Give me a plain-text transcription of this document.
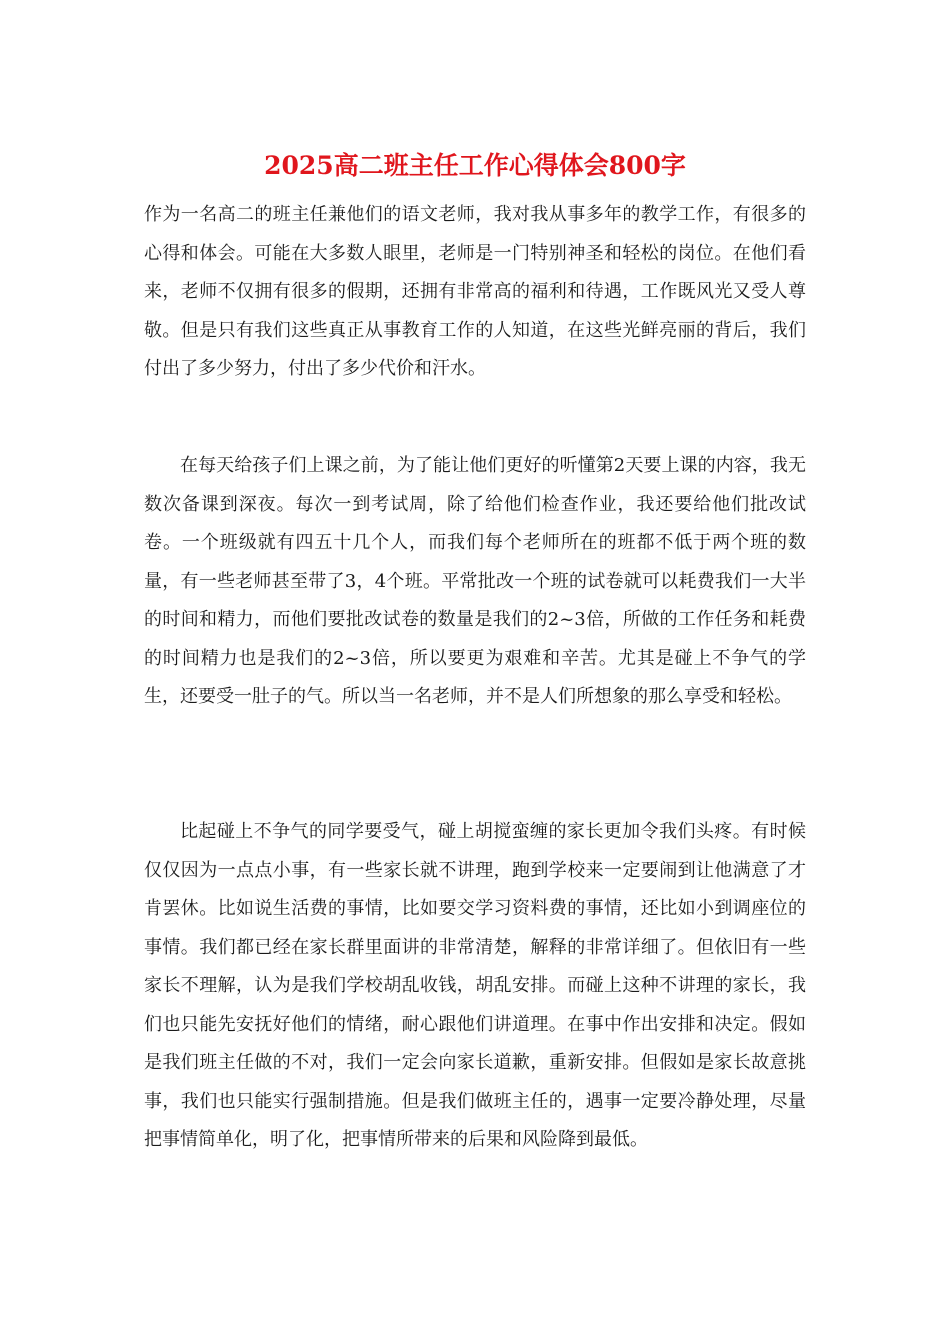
2025高二班主任工作心得体会800字

作为一名高二的班主任兼他们的语文老师，我对我从事多年的教学工作，有很多的心得和体会。可能在大多数人眼里，老师是一门特别神圣和轻松的岗位。在他们看来，老师不仅拥有很多的假期，还拥有非常高的福利和待遇，工作既风光又受人尊敬。但是只有我们这些真正从事教育工作的人知道，在这些光鲜亮丽的背后，我们付出了多少努力，付出了多少代价和汗水。

在每天给孩子们上课之前，为了能让他们更好的听懂第2天要上课的内容，我无数次备课到深夜。每次一到考试周，除了给他们检查作业，我还要给他们批改试卷。一个班级就有四五十几个人，而我们每个老师所在的班都不低于两个班的数量，有一些老师甚至带了3，4个班。平常批改一个班的试卷就可以耗费我们一大半的时间和精力，而他们要批改试卷的数量是我们的2~3倍，所做的工作任务和耗费的时间精力也是我们的2~3倍，所以要更为艰难和辛苦。尤其是碰上不争气的学生，还要受一肚子的气。所以当一名老师，并不是人们所想象的那么享受和轻松。

比起碰上不争气的同学要受气，碰上胡搅蛮缠的家长更加令我们头疼。有时候仅仅因为一点点小事，有一些家长就不讲理，跑到学校来一定要闹到让他满意了才肯罢休。比如说生活费的事情，比如要交学习资料费的事情，还比如小到调座位的事情。我们都已经在家长群里面讲的非常清楚，解释的非常详细了。但依旧有一些家长不理解，认为是我们学校胡乱收钱，胡乱安排。而碰上这种不讲理的家长，我们也只能先安抚好他们的情绪，耐心跟他们讲道理。在事中作出安排和决定。假如是我们班主任做的不对，我们一定会向家长道歉，重新安排。但假如是家长故意挑事，我们也只能实行强制措施。但是我们做班主任的，遇事一定要冷静处理，尽量把事情简单化，明了化，把事情所带来的后果和风险降到最低。
